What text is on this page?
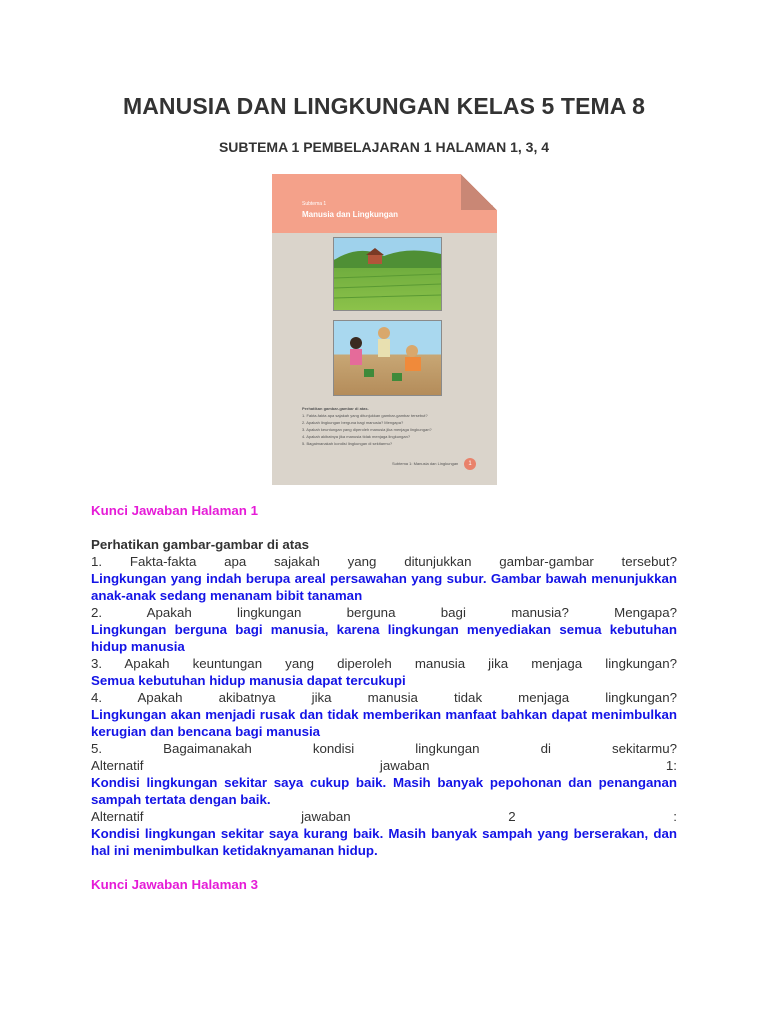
MANUSIA DAN LINGKUNGAN KELAS 5 TEMA 8
SUBTEMA 1 PEMBELAJARAN 1 HALAMAN 1, 3, 4
Subtema 1
Manusia dan Lingkungan
Perhatikan gambar-gambar di atas.
1. Fakta-fakta apa sajakah yang ditunjukkan gambar-gambar tersebut?
2. Apakah lingkungan berguna bagi manusia? Mengapa?
3. Apakah keuntungan yang diperoleh manusia jika menjaga lingkungan?
4. Apakah akibatnya jika manusia tidak menjaga lingkungan?
5. Bagaimanakah kondisi lingkungan di sekitarmu?
Subtema 1: Manusia dan Lingkungan	1
Kunci Jawaban Halaman 1
Perhatikan gambar-gambar di atas
1. Fakta-fakta apa sajakah yang ditunjukkan gambar-gambar tersebut?
Lingkungan yang indah berupa areal persawahan yang subur. Gambar bawah menunjukkan anak-anak sedang menanam bibit tanaman
2. Apakah lingkungan berguna bagi manusia? Mengapa?
Lingkungan berguna bagi manusia, karena lingkungan menyediakan semua kebutuhan hidup manusia
3. Apakah keuntungan yang diperoleh manusia jika menjaga lingkungan?
Semua kebutuhan hidup manusia dapat tercukupi
4. Apakah akibatnya jika manusia tidak menjaga lingkungan?
Lingkungan akan menjadi rusak dan tidak memberikan manfaat bahkan dapat menimbulkan kerugian dan bencana bagi manusia
5. Bagaimanakah kondisi lingkungan di sekitarmu?
Alternatif jawaban 1:
Kondisi lingkungan sekitar saya cukup baik. Masih banyak pepohonan dan penanganan sampah tertata dengan baik.
Alternatif jawaban 2 :
Kondisi lingkungan sekitar saya kurang baik. Masih banyak sampah yang berserakan, dan hal ini menimbulkan ketidaknyamanan hidup.
Kunci Jawaban Halaman 3
